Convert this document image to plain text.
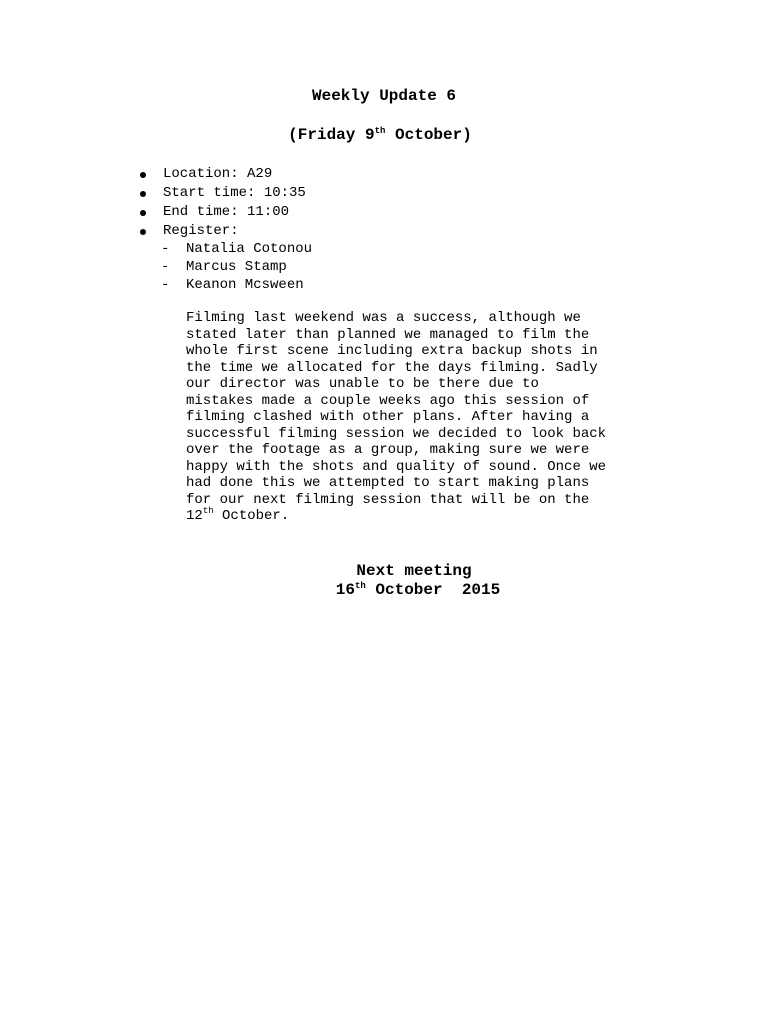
Weekly Update 6

(Friday 9th October)

Location: A29
Start time: 10:35
End time: 11:00
Register:
- Natalia Cotonou
- Marcus Stamp
- Keanon Mcsween
Filming last weekend was a success, although we
stated later than planned we managed to film the
whole first scene including extra backup shots in
the time we allocated for the days filming. Sadly
our director was unable to be there due to
mistakes made a couple weeks ago this session of
filming clashed with other plans. After having a
successful filming session we decided to look back
over the footage as a group, making sure we were
happy with the shots and quality of sound. Once we
had done this we attempted to start making plans
for our next filming session that will be on the
12th October.

Next meeting

16th October  2015
